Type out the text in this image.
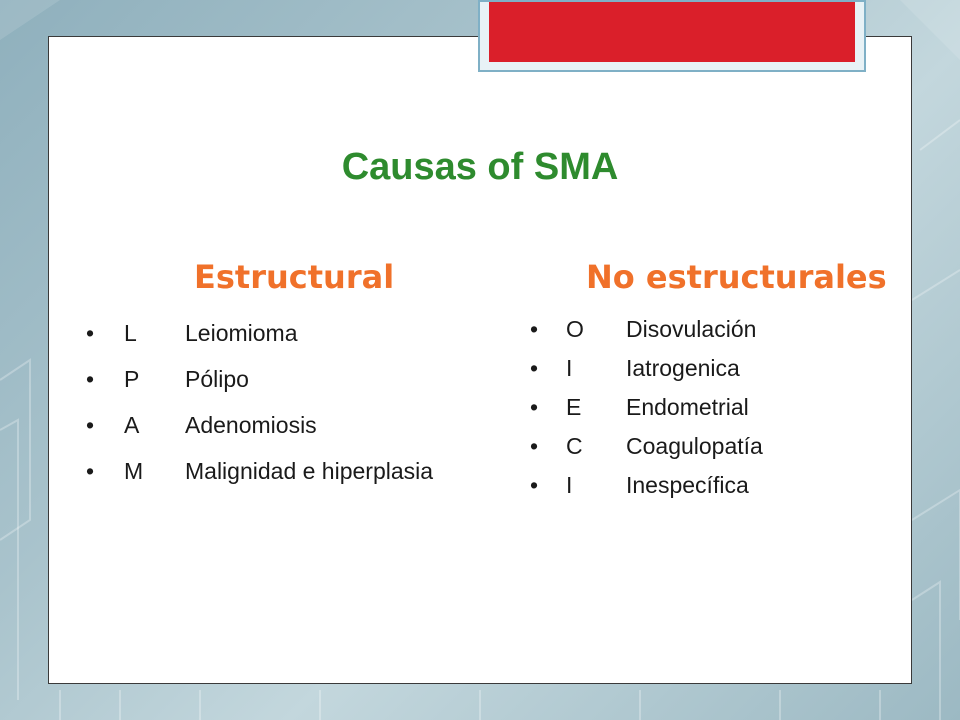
Causas of SMA
Estructural	No estructurales
• L Leiomioma
• P Pólipo
• A Adenomiosis
• M Malignidad e hiperplasia
• O Disovulación
• I Iatrogenica
• E Endometrial
• C Coagulopatía
• I Inespecífica
